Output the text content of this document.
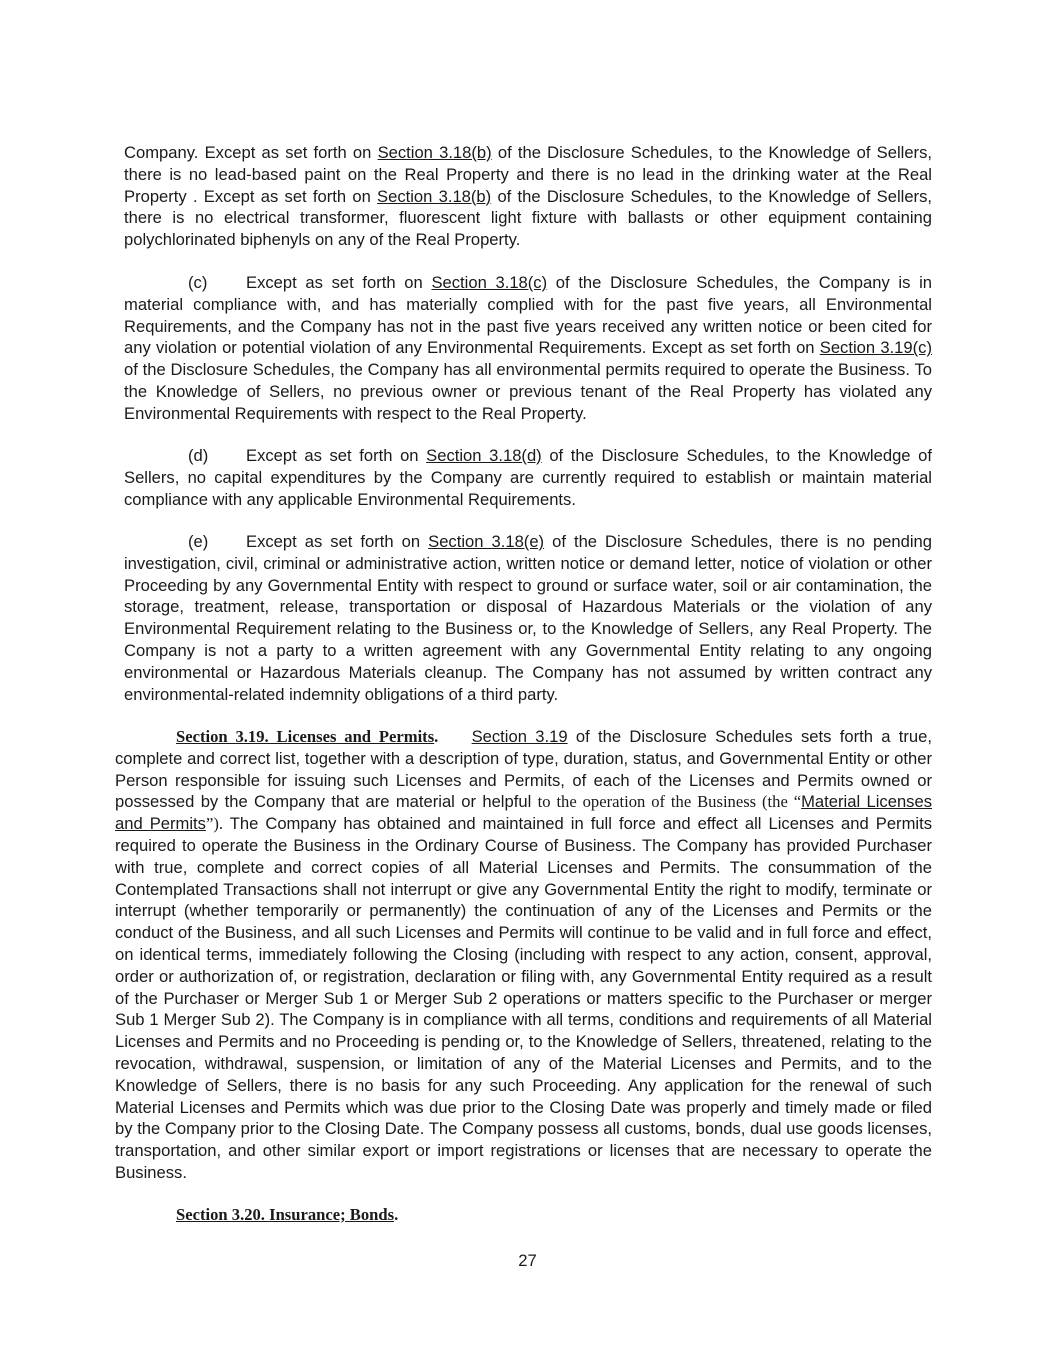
Company. Except as set forth on Section 3.18(b) of the Disclosure Schedules, to the Knowledge of Sellers, there is no lead-based paint on the Real Property and there is no lead in the drinking water at the Real Property . Except as set forth on Section 3.18(b) of the Disclosure Schedules, to the Knowledge of Sellers, there is no electrical transformer, fluorescent light fixture with ballasts or other equipment containing polychlorinated biphenyls on any of the Real Property.

(c) Except as set forth on Section 3.18(c) of the Disclosure Schedules, the Company is in material compliance with, and has materially complied with for the past five years, all Environmental Requirements, and the Company has not in the past five years received any written notice or been cited for any violation or potential violation of any Environmental Requirements. Except as set forth on Section 3.19(c) of the Disclosure Schedules, the Company has all environmental permits required to operate the Business. To the Knowledge of Sellers, no previous owner or previous tenant of the Real Property has violated any Environmental Requirements with respect to the Real Property.

(d) Except as set forth on Section 3.18(d) of the Disclosure Schedules, to the Knowledge of Sellers, no capital expenditures by the Company are currently required to establish or maintain material compliance with any applicable Environmental Requirements.

(e) Except as set forth on Section 3.18(e) of the Disclosure Schedules, there is no pending investigation, civil, criminal or administrative action, written notice or demand letter, notice of violation or other Proceeding by any Governmental Entity with respect to ground or surface water, soil or air contamination, the storage, treatment, release, transportation or disposal of Hazardous Materials or the violation of any Environmental Requirement relating to the Business or, to the Knowledge of Sellers, any Real Property. The Company is not a party to a written agreement with any Governmental Entity relating to any ongoing environmental or Hazardous Materials cleanup. The Company has not assumed by written contract any environmental-related indemnity obligations of a third party.

Section 3.19. Licenses and Permits. Section 3.19 of the Disclosure Schedules sets forth a true, complete and correct list, together with a description of type, duration, status, and Governmental Entity or other Person responsible for issuing such Licenses and Permits, of each of the Licenses and Permits owned or possessed by the Company that are material or helpful to the operation of the Business (the “Material Licenses and Permits”). The Company has obtained and maintained in full force and effect all Licenses and Permits required to operate the Business in the Ordinary Course of Business. The Company has provided Purchaser with true, complete and correct copies of all Material Licenses and Permits. The consummation of the Contemplated Transactions shall not interrupt or give any Governmental Entity the right to modify, terminate or interrupt (whether temporarily or permanently) the continuation of any of the Licenses and Permits or the conduct of the Business, and all such Licenses and Permits will continue to be valid and in full force and effect, on identical terms, immediately following the Closing (including with respect to any action, consent, approval, order or authorization of, or registration, declaration or filing with, any Governmental Entity required as a result of the Purchaser or Merger Sub 1 or Merger Sub 2 operations or matters specific to the Purchaser or merger Sub 1 Merger Sub 2). The Company is in compliance with all terms, conditions and requirements of all Material Licenses and Permits and no Proceeding is pending or, to the Knowledge of Sellers, threatened, relating to the revocation, withdrawal, suspension, or limitation of any of the Material Licenses and Permits, and to the Knowledge of Sellers, there is no basis for any such Proceeding. Any application for the renewal of such Material Licenses and Permits which was due prior to the Closing Date was properly and timely made or filed by the Company prior to the Closing Date. The Company possess all customs, bonds, dual use goods licenses, transportation, and other similar export or import registrations or licenses that are necessary to operate the Business.

Section 3.20. Insurance; Bonds.

27
